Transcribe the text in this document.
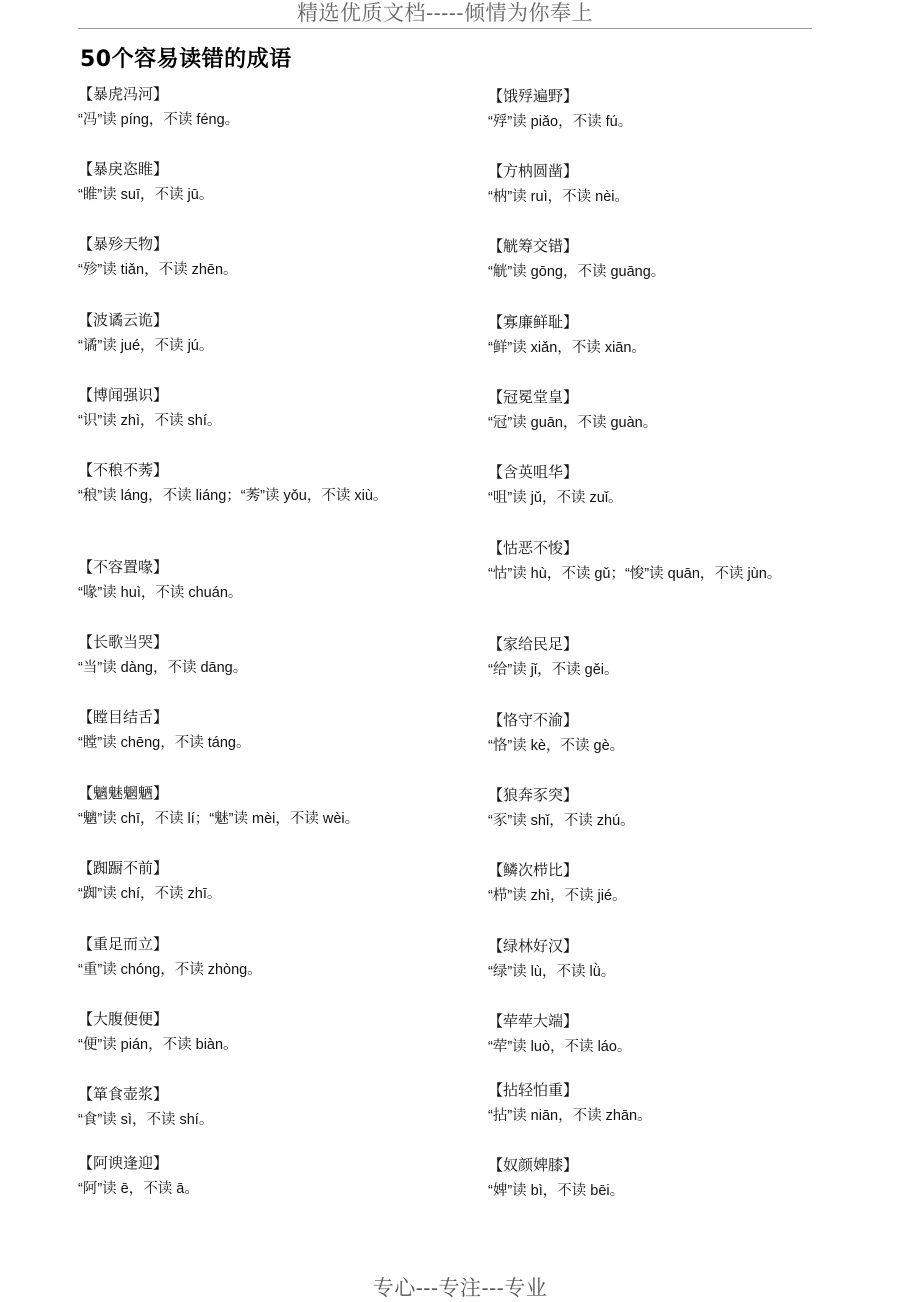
精选优质文档-----倾情为你奉上
50个容易读错的成语
【暴虎冯河】
“冯”读 píng，不读 féng。
【暴戾恣睢】
“睢”读 suī，不读 jū。
【暴殄天物】
“殄”读 tiǎn，不读 zhēn。
【波谲云诡】
“谲”读 jué，不读 jú。
【博闻强识】
“识”读 zhì，不读 shí。
【不稂不莠】
“稂”读 láng，不读 liáng；“莠”读 yǒu，不读 xiù。
【不容置喙】
“喙”读 huì，不读 chuán。
【长歌当哭】
“当”读 dàng，不读 dāng。
【瞠目结舌】
“瞠”读 chēng，不读 táng。
【魑魅魍魉】
“魑”读 chī，不读 lí；“魅”读 mèi，不读 wèi。
【踟蹰不前】
“踟”读 chí，不读 zhī。
【重足而立】
“重”读 chóng，不读 zhòng。
【大腹便便】
“便”读 pián，不读 biàn。
【箪食壶浆】
“食”读 sì，不读 shí。
【阿谀逢迎】
“阿”读 ē，不读 ā。
【饿殍遍野】
“殍”读 piǎo，不读 fú。
【方枘圆凿】
“枘”读 ruì，不读 nèi。
【觥筹交错】
“觥”读 gōng，不读 guāng。
【寡廉鲜耻】
“鲜”读 xiǎn，不读 xiān。
【冠冕堂皇】
“冠”读 guān，不读 guàn。
【含英咀华】
“咀”读 jǔ，不读 zuǐ。
【怙恶不悛】
“怙”读 hù，不读 gǔ；“悛”读 quān，不读 jùn。
【家给民足】
“给”读 jǐ，不读 gěi。
【恪守不渝】
“恪”读 kè，不读 gè。
【狼奔豕突】
“豕”读 shǐ，不读 zhú。
【鳞次栉比】
“栉”读 zhì，不读 jié。
【绿林好汉】
“绿”读 lù，不读 lǜ。
【荦荦大端】
“荦”读 luò，不读 láo。
【拈轻怕重】
“拈”读 niān，不读 zhān。
【奴颜婢膝】
“婢”读 bì，不读 bēi。
专心---专注---专业
